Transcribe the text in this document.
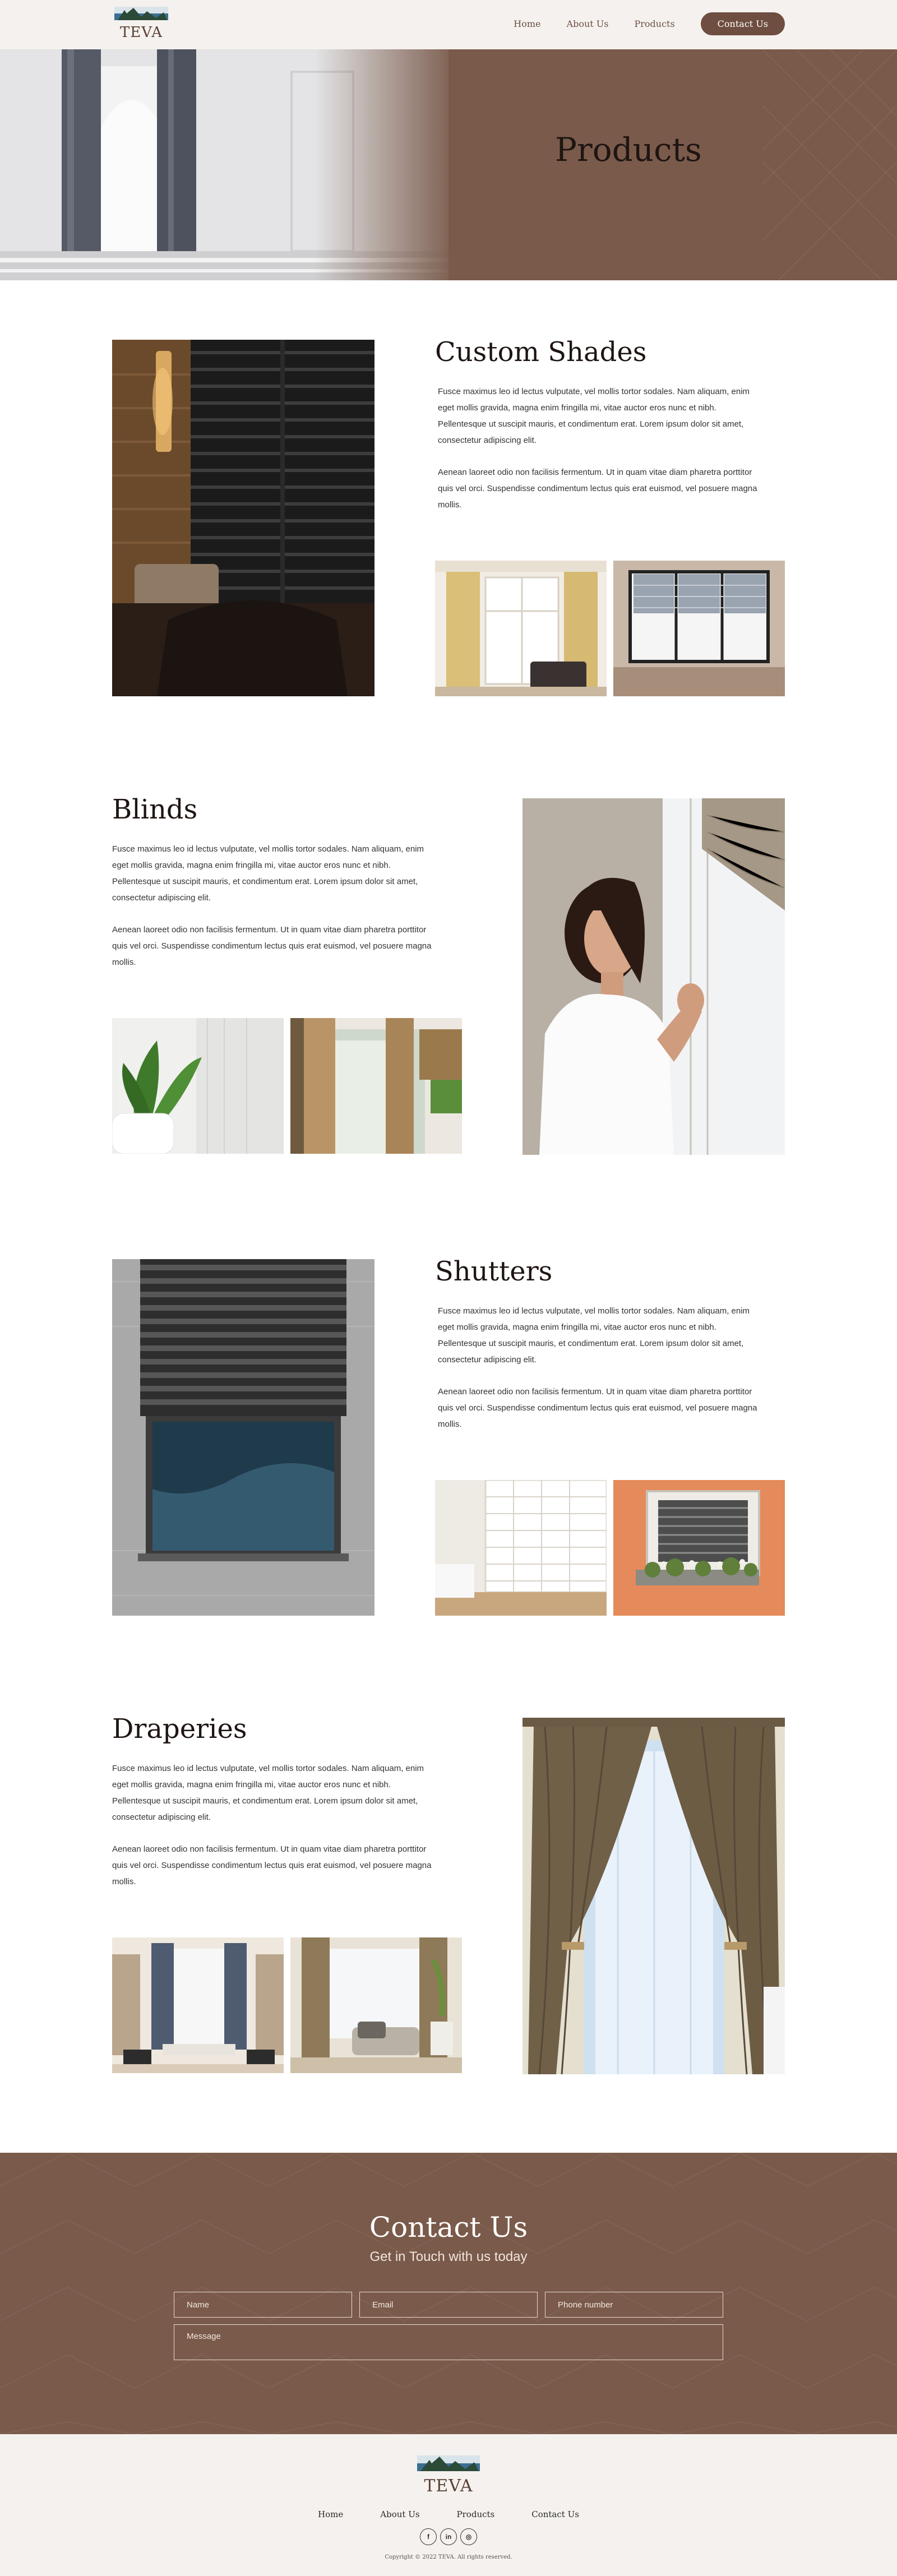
TEVA
Home	About Us	Products	Contact Us
Products
Custom Shades

Fusce maximus leo id lectus vulputate, vel mollis tortor sodales. Nam aliquam, enim eget mollis gravida, magna enim fringilla mi, vitae auctor eros nunc et nibh. Pellentesque ut suscipit mauris, et condimentum erat. Lorem ipsum dolor sit amet, consectetur adipiscing elit.

Aenean laoreet odio non facilisis fermentum. Ut in quam vitae diam pharetra porttitor quis vel orci. Suspendisse condimentum lectus quis erat euismod, vel posuere magna mollis.

Blinds

Fusce maximus leo id lectus vulputate, vel mollis tortor sodales. Nam aliquam, enim eget mollis gravida, magna enim fringilla mi, vitae auctor eros nunc et nibh. Pellentesque ut suscipit mauris, et condimentum erat. Lorem ipsum dolor sit amet, consectetur adipiscing elit.

Aenean laoreet odio non facilisis fermentum. Ut in quam vitae diam pharetra porttitor quis vel orci. Suspendisse condimentum lectus quis erat euismod, vel posuere magna mollis.

Shutters

Fusce maximus leo id lectus vulputate, vel mollis tortor sodales. Nam aliquam, enim eget mollis gravida, magna enim fringilla mi, vitae auctor eros nunc et nibh. Pellentesque ut suscipit mauris, et condimentum erat. Lorem ipsum dolor sit amet, consectetur adipiscing elit.

Aenean laoreet odio non facilisis fermentum. Ut in quam vitae diam pharetra porttitor quis vel orci. Suspendisse condimentum lectus quis erat euismod, vel posuere magna mollis.

Draperies

Fusce maximus leo id lectus vulputate, vel mollis tortor sodales. Nam aliquam, enim eget mollis gravida, magna enim fringilla mi, vitae auctor eros nunc et nibh. Pellentesque ut suscipit mauris, et condimentum erat. Lorem ipsum dolor sit amet, consectetur adipiscing elit.

Aenean laoreet odio non facilisis fermentum. Ut in quam vitae diam pharetra porttitor quis vel orci. Suspendisse condimentum lectus quis erat euismod, vel posuere magna mollis.

Contact Us
Get in Touch with us today
Name
Email
Phone number
Message
TEVA
Home	About Us	Products	Contact Us
f	in	◎
Copyright © 2022 TEVA. All rights reserved.
